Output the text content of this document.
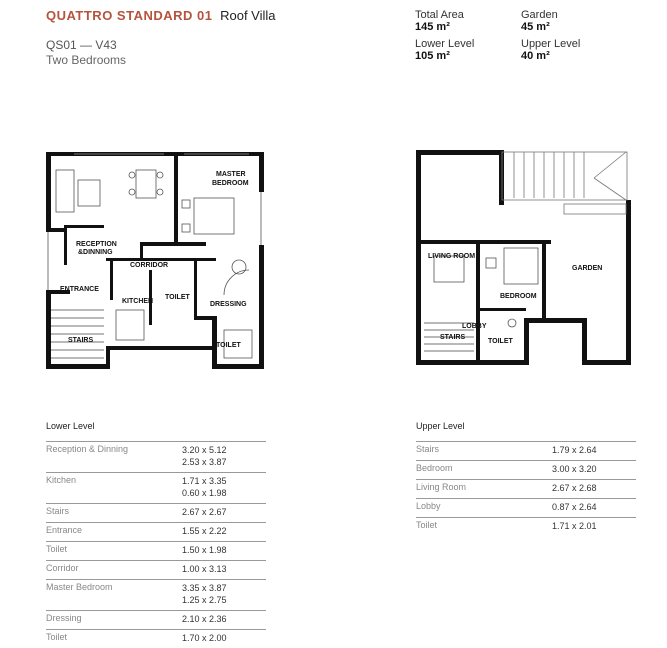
QUATTRO STANDARD 01 Roof Villa
QS01 — V43
Two Bedrooms
Total Area
145 m²
Garden
45 m²
Lower Level
105 m²
Upper Level
40 m²
MASTER
BEDROOM
RECEPTION
&DINNING
CORRIDOR
ENTRANCE
KITCHEN
TOILET
DRESSING
TOILET
STAIRS
LIVING ROOM
GARDEN
BEDROOM
LOBBY
STAIRS
TOILET
Lower Level
Reception & Dinning	3.20 x 5.12
2.53 x 3.87

Kitchen	1.71 x 3.35
0.60 x 1.98

Stairs	2.67 x 2.67
Entrance	1.55 x 2.22
Toilet	1.50 x 1.98
Corridor	1.00 x 3.13
Master Bedroom	3.35 x 3.87
1.25 x 2.75

Dressing	2.10 x 2.36
Toilet	1.70 x 2.00
Upper Level
Stairs	1.79 x 2.64
Bedroom	3.00 x 3.20
Living Room	2.67 x 2.68
Lobby	0.87 x 2.64
Toilet	1.71 x 2.01
